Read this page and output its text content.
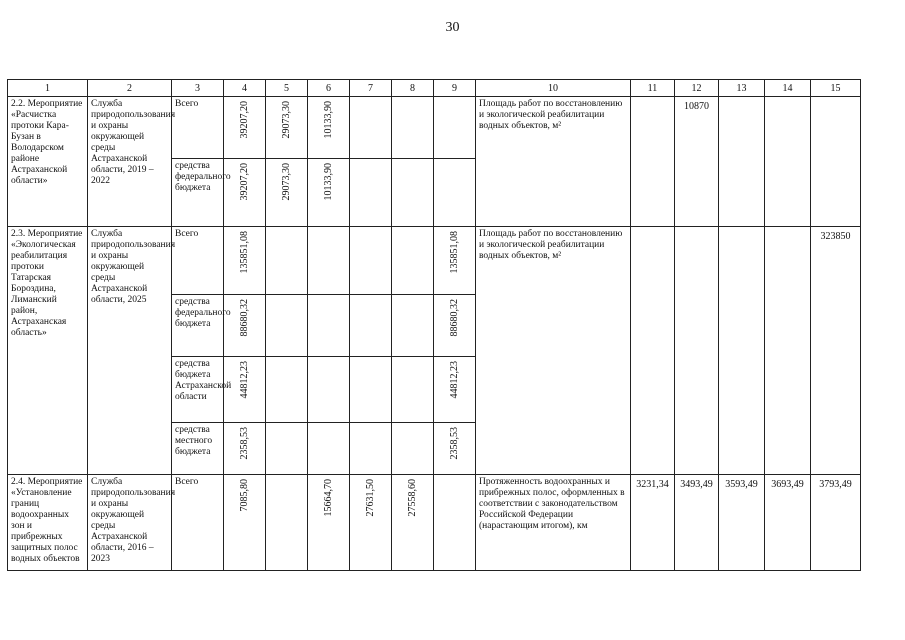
30
1	2	3	4	5	6	7	8	9	10	11	12	13	14	15
2.2. Мероприятие «Расчистка протоки Кара-Бузан в Володарском районе Астраханской области»	Служба природопользования и охраны окружающей среды Астраханской области, 2019 – 2022	Всего	39207,20	29073,30	10133,90				Площадь работ по восстановлению и экологической реабилитации водных объектов, м²		10870			
		средства федерального бюджета	39207,20	29073,30	10133,90									
2.3. Мероприятие «Экологическая реабилитация протоки Татарская Бороздина, Лиманский район, Астраханская область»	Служба природопользования и охраны окружающей среды Астраханской области, 2025	Всего	135851,08					135851,08	Площадь работ по восстановлению и экологической реабилитации водных объектов, м²					323850
		средства федерального бюджета	88680,32					88680,32						
		средства бюджета Астраханской области	44812,23					44812,23						
		средства местного бюджета	2358,53					2358,53						
2.4. Мероприятие «Установление границ водоохранных зон и прибрежных защитных полос водных объектов	Служба природопользования и охраны окружающей среды Астраханской области, 2016 – 2023	Всего	7085,80		15664,70	27631,50	27558,60		Протяженность водоохранных и прибрежных полос, оформленных в соответствии с законодательством Российской Федерации (нарастающим итогом), км	3231,34	3493,49	3593,49	3693,49	3793,49
